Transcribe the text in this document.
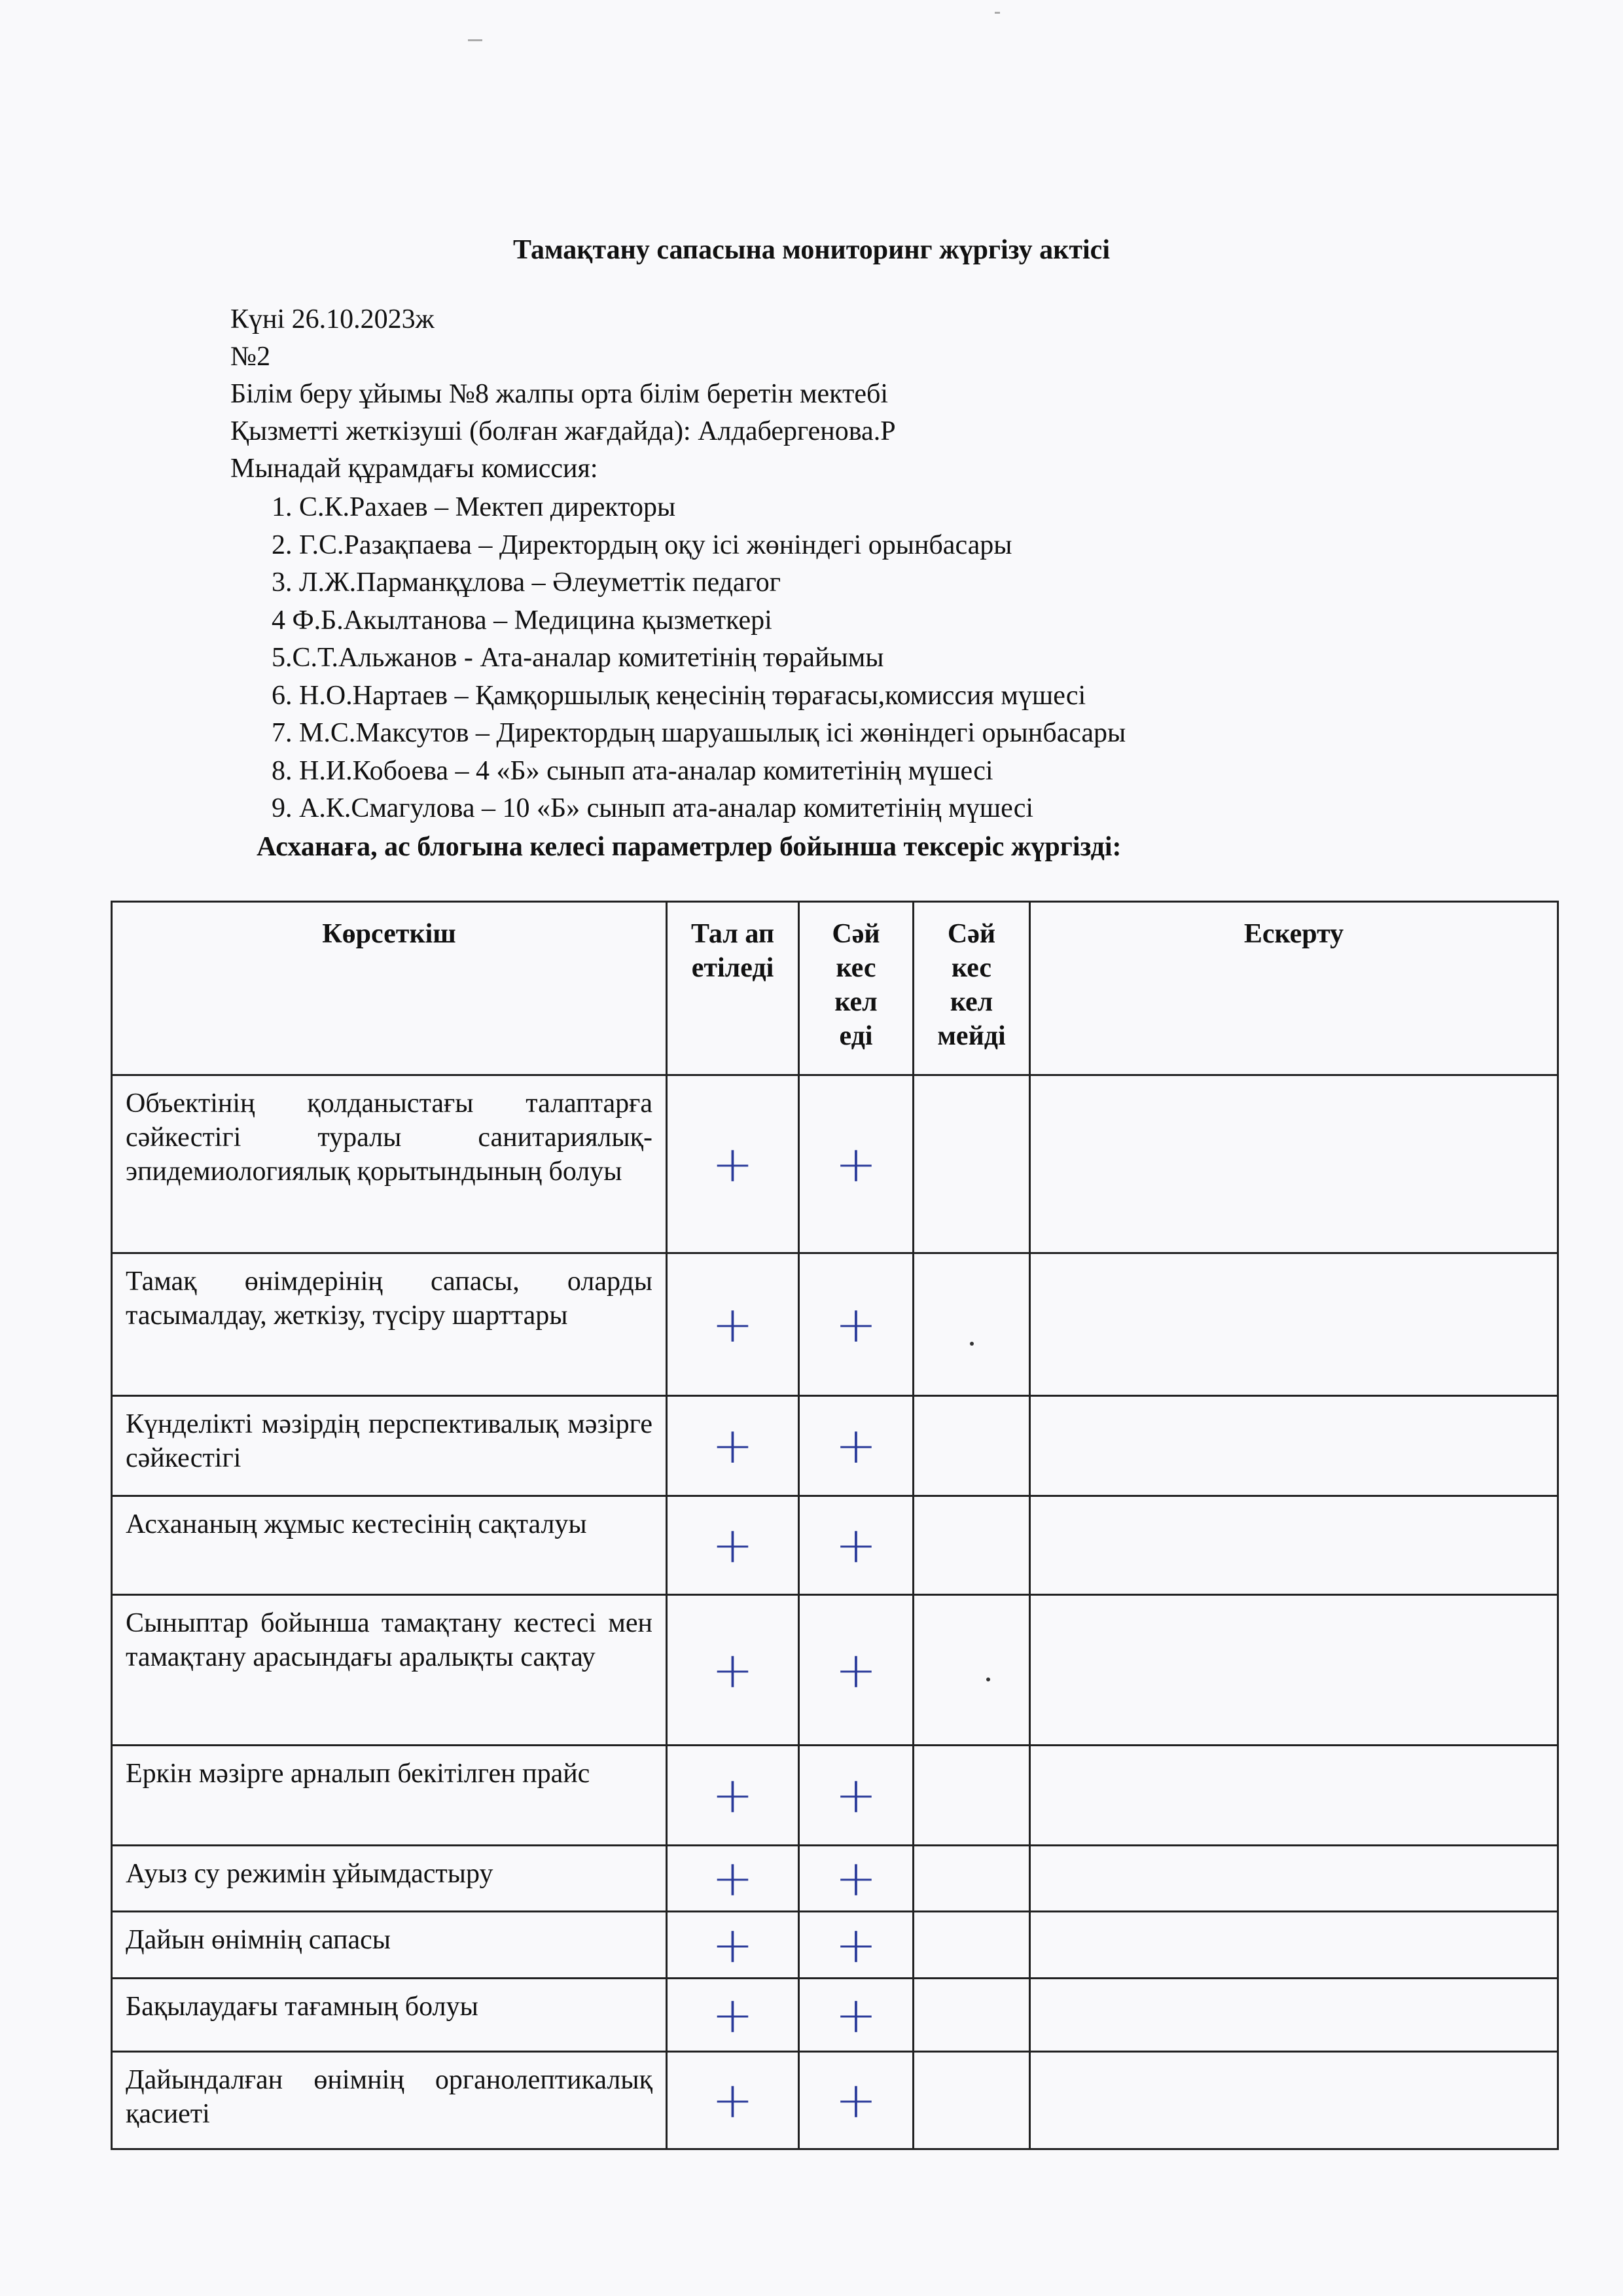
Тамақтану сапасына мониторинг жүргізу актісі
Күні 26.10.2023ж
№2
Білім беру ұйымы №8 жалпы орта білім беретін мектебі
Қызметті жеткізуші (болған жағдайда): Алдабергенова.Р
Мынадай құрамдағы комиссия:
1. С.К.Рахаев – Мектеп директоры
2. Г.С.Разақпаева – Директордың оқу ісі жөніндегі орынбасары
3. Л.Ж.Парманқұлова – Әлеуметтік педагог
4 Ф.Б.Акылтанова – Медицина қызметкері
5.С.Т.Альжанов - Ата-аналар комитетінің төрайымы
6. Н.О.Нартаев – Қамқоршылық кеңесінің төрағасы,комиссия мүшесі
7. М.С.Максутов – Директордың шаруашылық ісі жөніндегі орынбасары
8. Н.И.Кобоева – 4 «Б» сынып ата-аналар комитетінің мүшесі
9. А.К.Смагулова – 10 «Б» сынып ата-аналар комитетінің мүшесі
Асханаға, ас блогына келесі параметрлер бойынша тексеріс жүргізді:
Көрсеткіш	Тал ап етіледі	Сәй кес кел еді	Сәй кес кел мейді	Ескерту
Объектінің қолданыстағы талаптарға сәйкестігі туралы санитариялық-эпидемиологиялық қорытындының болуы	+	+		
Тамақ өнімдерінің сапасы, оларды тасымалдау, жеткізу, түсіру шарттары	+	+		
Күнделікті мәзірдің перспективалық мәзірге сәйкестігі	+	+		
Асхананың жұмыс кестесінің сақталуы	+	+		
Сыныптар бойынша тамақтану кестесі мен тамақтану арасындағы аралықты сақтау	+	+		
Еркін мәзірге арналып бекітілген прайс	+	+		
Ауыз су режимін ұйымдастыру	+	+		
Дайын өнімнің сапасы	+	+		
Бақылаудағы тағамның болуы	+	+		
Дайындалған өнімнің органолептикалық қасиеті	+	+		
